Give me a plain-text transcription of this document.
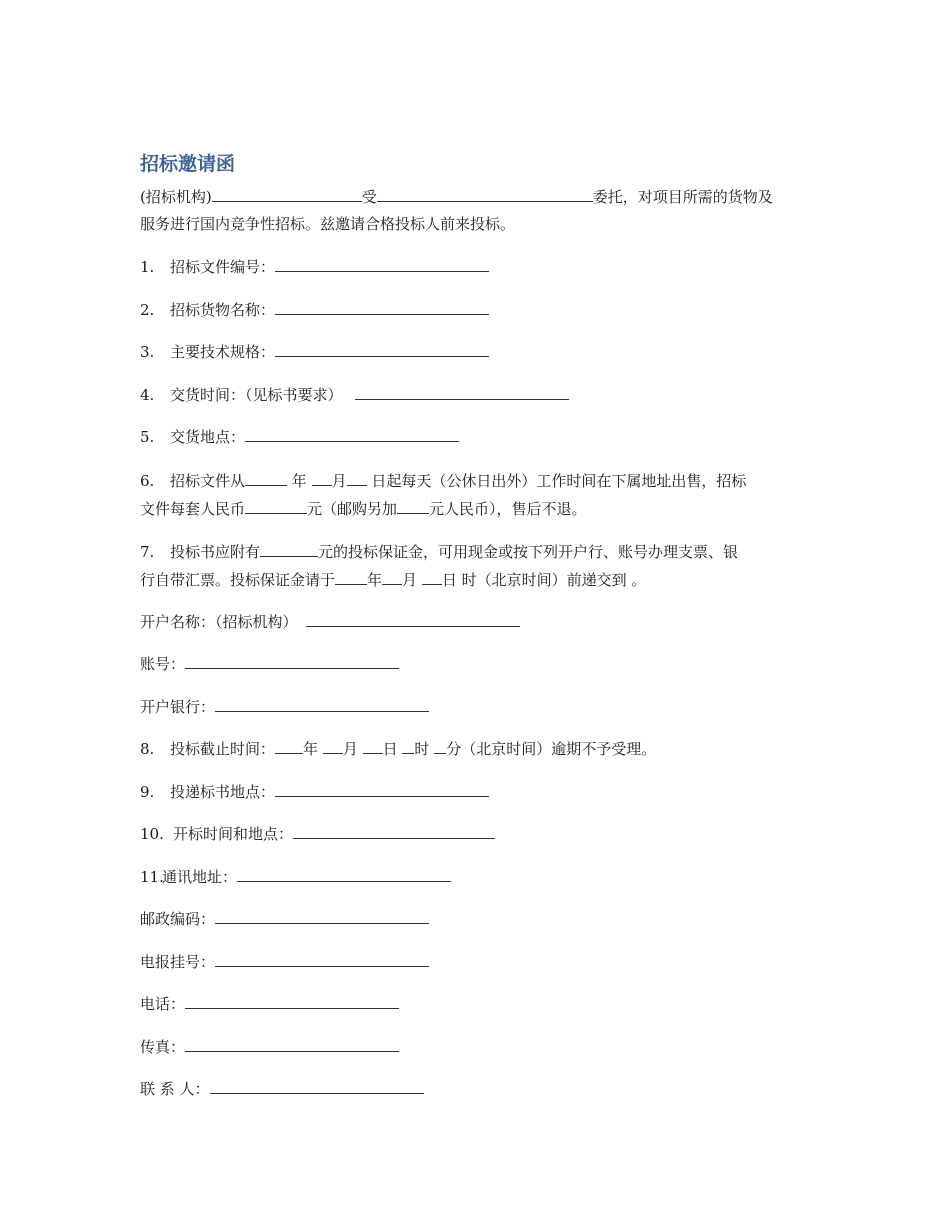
招标邀请函

(招标机构)	受	委托，对项目所需的货物及

服务进行国内竞争性招标。兹邀请合格投标人前来投标。

1. 招标文件编号：
2. 招标货物名称：
3. 主要技术规格：
4. 交货时间：（见标书要求）
5. 交货地点：
6. 招标文件从	年 月 日起每天（公休日出外）工作时间在下属地址出售，招标
文件每套人民币	元（邮购另加 元人民币），售后不退。
7. 投标书应附有	元的投标保证金，可用现金或按下列开户行、账号办理支票、银
行自带汇票。投标保证金请于 年 月 日 时（北京时间）前递交到 。
开户名称：（招标机构）
账号：
开户银行：
8. 投标截止时间： 年 月 日 时 分（北京时间）逾期不予受理。
9. 投递标书地点：
10. 开标时间和地点：
11.通讯地址：
邮政编码：
电报挂号：
电话：
传真：
联 系 人：
